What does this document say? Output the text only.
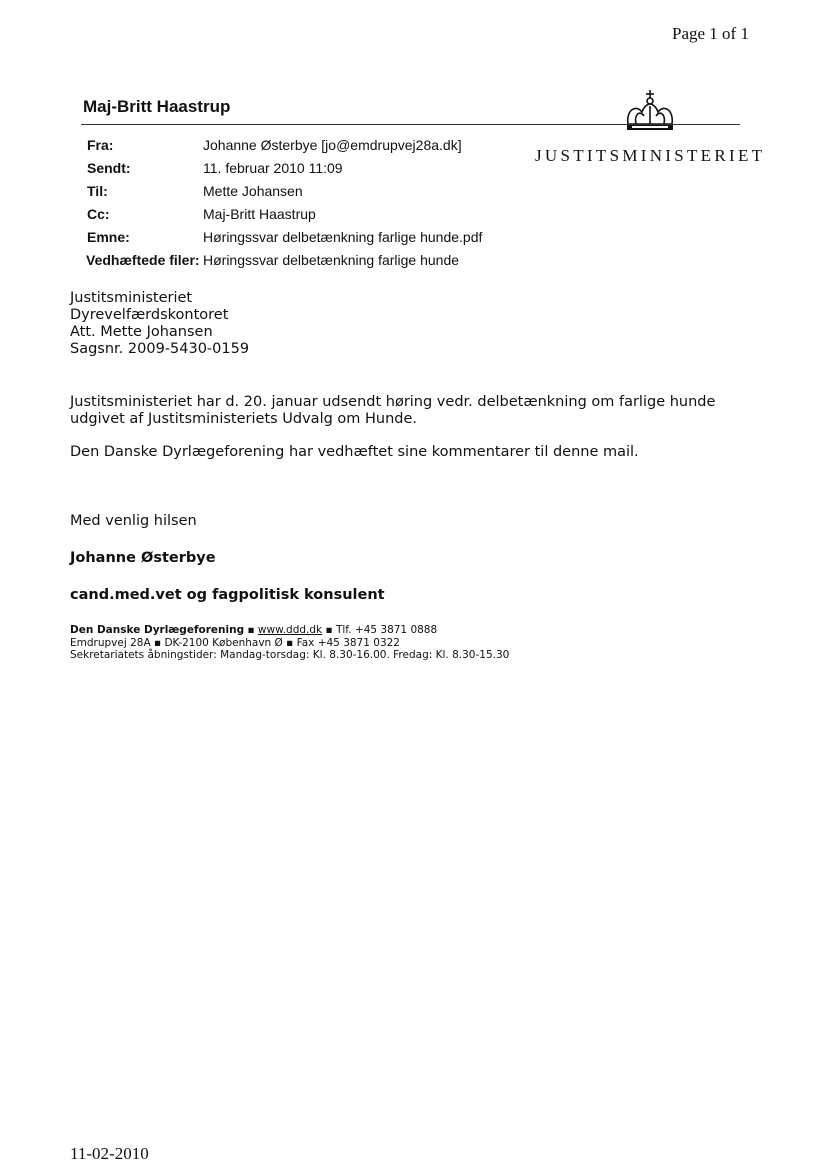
Page 1 of 1
Maj-Britt Haastrup
JUSTITSMINISTERIET
Fra:	Johanne Østerbye [jo@emdrupvej28a.dk]
Sendt:	11. februar 2010 11:09
Til:	Mette Johansen
Cc:	Maj-Britt Haastrup
Emne:	Høringssvar delbetænkning farlige hunde.pdf
Vedhæftede filer: Høringssvar delbetænkning farlige hunde
Justitsministeriet
Dyrevelfærdskontoret
Att. Mette Johansen
Sagsnr. 2009-5430-0159
Justitsministeriet har d. 20. januar udsendt høring vedr. delbetænkning om farlige hunde
udgivet af Justitsministeriets Udvalg om Hunde.
Den Danske Dyrlægeforening har vedhæftet sine kommentarer til denne mail.
Med venlig hilsen
Johanne Østerbye
cand.med.vet og fagpolitisk konsulent
Den Danske Dyrlægeforening ▪ www.ddd.dk ▪ Tlf. +45 3871 0888
Emdrupvej 28A ▪ DK-2100 København Ø ▪ Fax +45 3871 0322
Sekretariatets åbningstider: Mandag-torsdag: Kl. 8.30-16.00. Fredag: Kl. 8.30-15.30
11-02-2010
